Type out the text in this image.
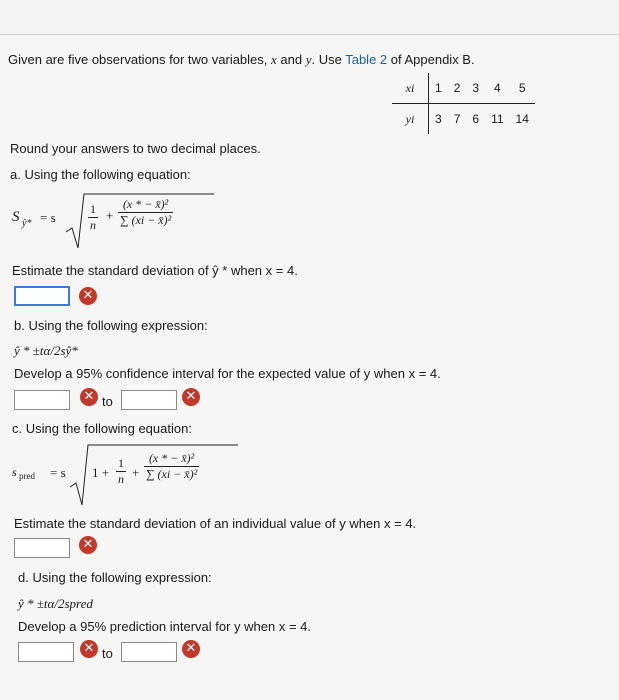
Given are five observations for two variables, x and y. Use Table 2 of Appendix B.
xi	1	2	3	4	5
yi	3	7	6	11	14
Round your answers to two decimal places.
a. Using the following equation:
S ŷ* = s	$\frac{1}{n} + \frac{\text{(x * − x̄)²}}{\text{∑ (xi − x̄)²}}$
Estimate the standard deviation of ŷ * when x = 4.
✕
b. Using the following expression:
ŷ * ±tα/2sŷ*
Develop a 95% confidence interval for the expected value of y when x = 4.
✕ to	✕
c. Using the following equation:
s pred = s $1 + \frac{1}{n} + \frac{\text{(x * − x̄)²}}{\text{∑ (xi − x̄)²}}$
Estimate the standard deviation of an individual value of y when x = 4.
✕
d. Using the following expression:
ŷ * ±tα/2spred
Develop a 95% prediction interval for y when x = 4.
✕ to	✕
